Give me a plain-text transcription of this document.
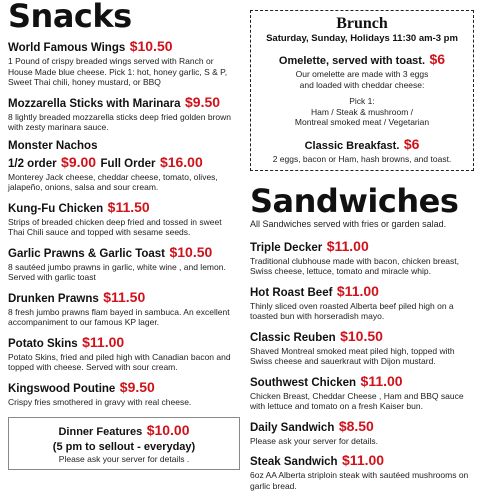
Snacks
World Famous Wings $10.50
1 Pound of crispy breaded wings served with Ranch or House Made blue cheese. Pick 1: hot, honey garlic, S & P, Sweet Thai chili, honey mustard, or BBQ
Mozzarella Sticks with Marinara $9.50
8 lightly breaded mozzarella sticks deep fried golden brown with zesty marinara sauce.
Monster Nachos
1/2 order $9.00 Full Order $16.00
Monterey Jack cheese, cheddar cheese, tomato, olives, jalapeño, onions, salsa and sour cream.
Kung-Fu Chicken $11.50
Strips of breaded chicken deep fried and tossed in sweet Thai Chili sauce and topped with sesame seeds.
Garlic Prawns & Garlic Toast $10.50
8 sautéed jumbo prawns in garlic, white wine , and lemon. Served with garlic toast
Drunken Prawns $11.50
8 fresh jumbo prawns flam bayed in sambuca. An excellent accompaniment to our famous KP lager.
Potato Skins $11.00
Potato Skins, fried and piled high with Canadian bacon and topped with cheese. Served with sour cream.
Kingswood Poutine $9.50
Crispy fries smothered in gravy with real cheese.
Dinner Features $10.00
(5 pm to sellout - everyday)
Please ask your server for details .
Brunch
Saturday, Sunday, Holidays 11:30 am-3 pm
Omelette, served with toast. $6
Our omelette are made with 3 eggs
and loaded with cheddar cheese:
Pick 1:
Ham / Steak & mushroom /
Montreal smoked meat / Vegetarian
Classic Breakfast. $6
2 eggs, bacon or Ham, hash browns, and toast.
Sandwiches
All Sandwiches served with fries or garden salad.
Triple Decker $11.00
Traditional clubhouse made with bacon, chicken breast, Swiss cheese, lettuce, tomato and miracle whip.
Hot Roast Beef $11.00
Thinly sliced oven roasted Alberta beef piled high on a toasted bun with horseradish mayo.
Classic Reuben $10.50
Shaved Montreal smoked meat piled high, topped with Swiss cheese and sauerkraut with Dijon mustard.
Southwest Chicken $11.00
Chicken Breast, Cheddar Cheese , Ham and BBQ sauce with lettuce and tomato on a fresh Kaiser bun.
Daily Sandwich $8.50
Please ask your server for details.
Steak Sandwich $11.00
6oz AA Alberta striploin steak with sautéed mushrooms on garlic bread.
